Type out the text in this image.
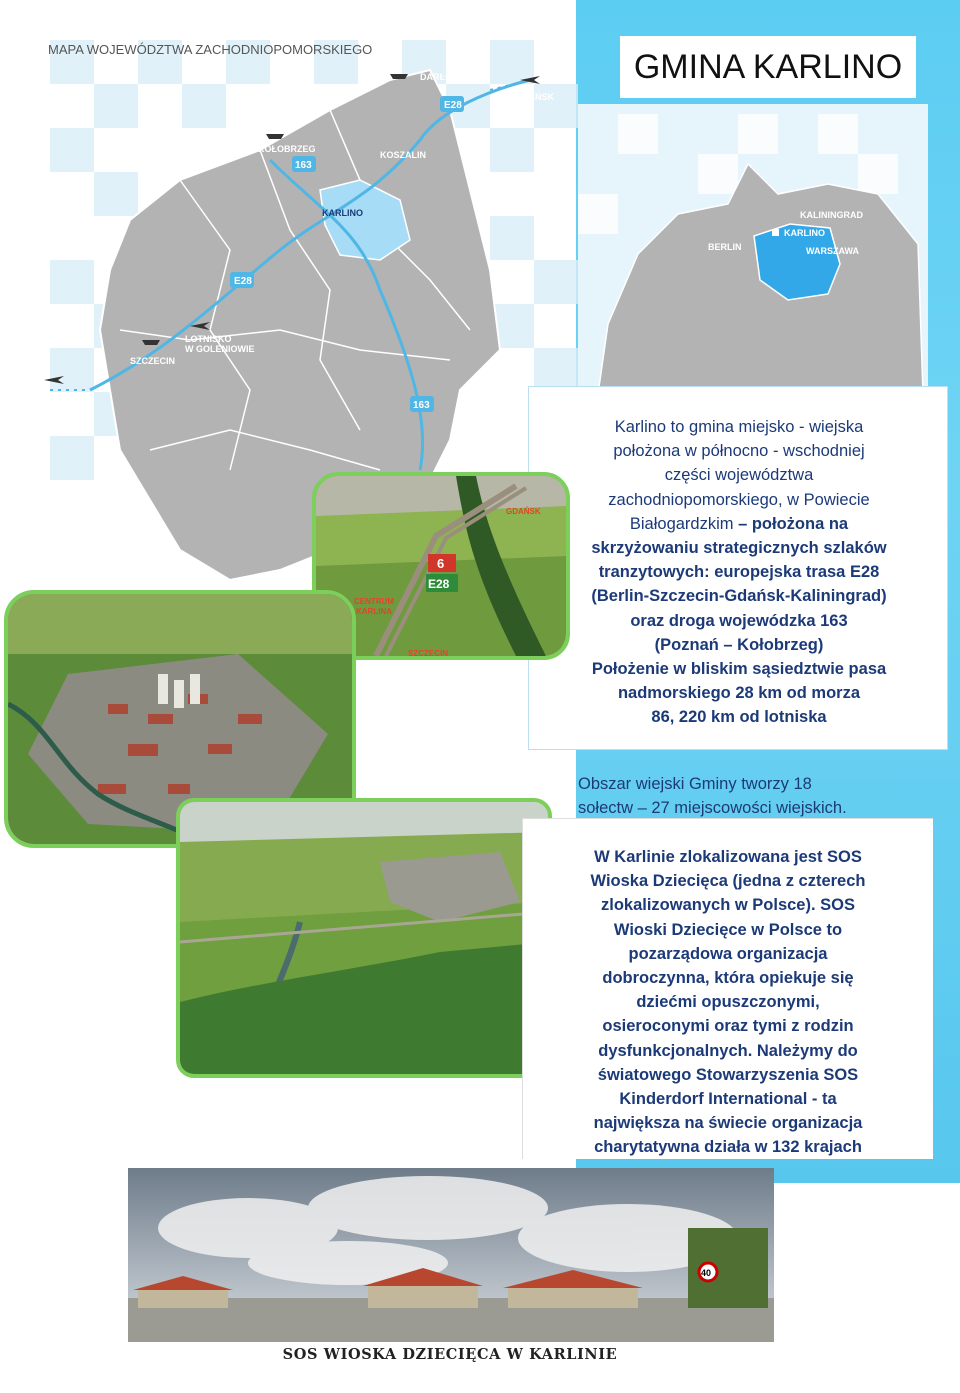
GMINA KARLINO
DARŁOWO
GDAŃSK
KOŁOBRZEG
KOSZALIN
KARLINO
SZCZECIN
LOTNISKO
W GOLENIOWIE
BERLIN
E28
E28
163
163
MAPA WOJEWÓDZTWA ZACHODNIOPOMORSKIEGO
KALININGRAD
KARLINO
BERLIN	WARSZAWA
Karlino to gmina miejsko - wiejska
położona w północno - wschodniej
części województwa
zachodniopomorskiego, w Powiecie
Białogardzkim – położona na
skrzyżowaniu strategicznych szlaków
tranzytowych: europejska trasa E28
(Berlin-Szczecin-Gdańsk-Kaliningrad)
oraz droga wojewódzka 163
(Poznań – Kołobrzeg)
Położenie w bliskim sąsiedztwie pasa
nadmorskiego 28 km od morza
86, 220 km od lotniska
6
E28
GDAŃSK
CENTRUM
KARLINA
SZCZECIN
Obszar wiejski Gminy tworzy 18
sołectw – 27 miejscowości wiejskich.
W Karlinie zlokalizowana jest SOS
Wioska Dziecięca (jedna z czterech
zlokalizowanych w Polsce). SOS
Wioski Dziecięce w Polsce to
pozarządowa organizacja
dobroczynna, która opiekuje się
dziećmi opuszczonymi,
osieroconymi oraz tymi z rodzin
dysfunkcjonalnych. Należymy do
światowego Stowarzyszenia SOS
Kinderdorf International - ta
największa na świecie organizacja
charytatywna działa w 132 krajach
40
SOS WIOSKA DZIECIĘCA W KARLINIE
